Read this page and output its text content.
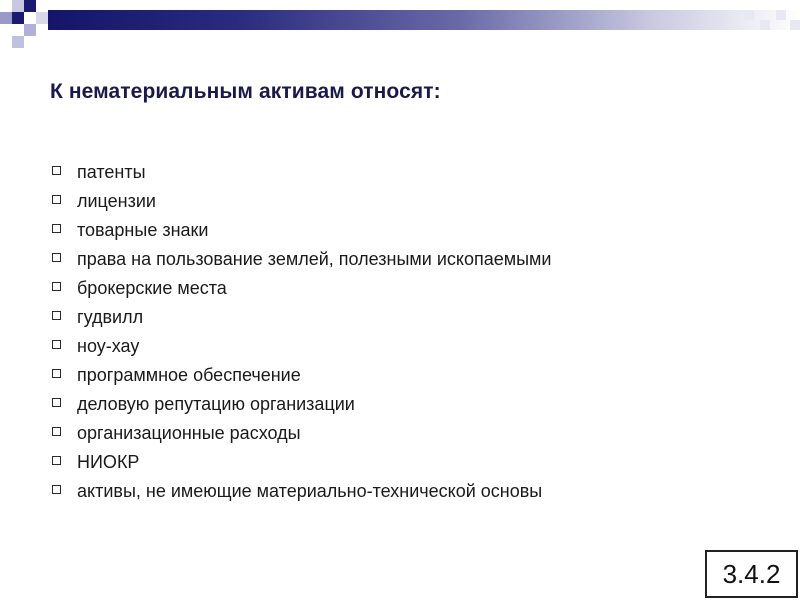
К нематериальным активам относят:
патенты
лицензии
товарные знаки
права на пользование землей, полезными ископаемыми
брокерские места
гудвилл
ноу-хау
программное обеспечение
деловую репутацию организации
организационные расходы
НИОКР
активы, не имеющие материально-технической основы
3.4.2
